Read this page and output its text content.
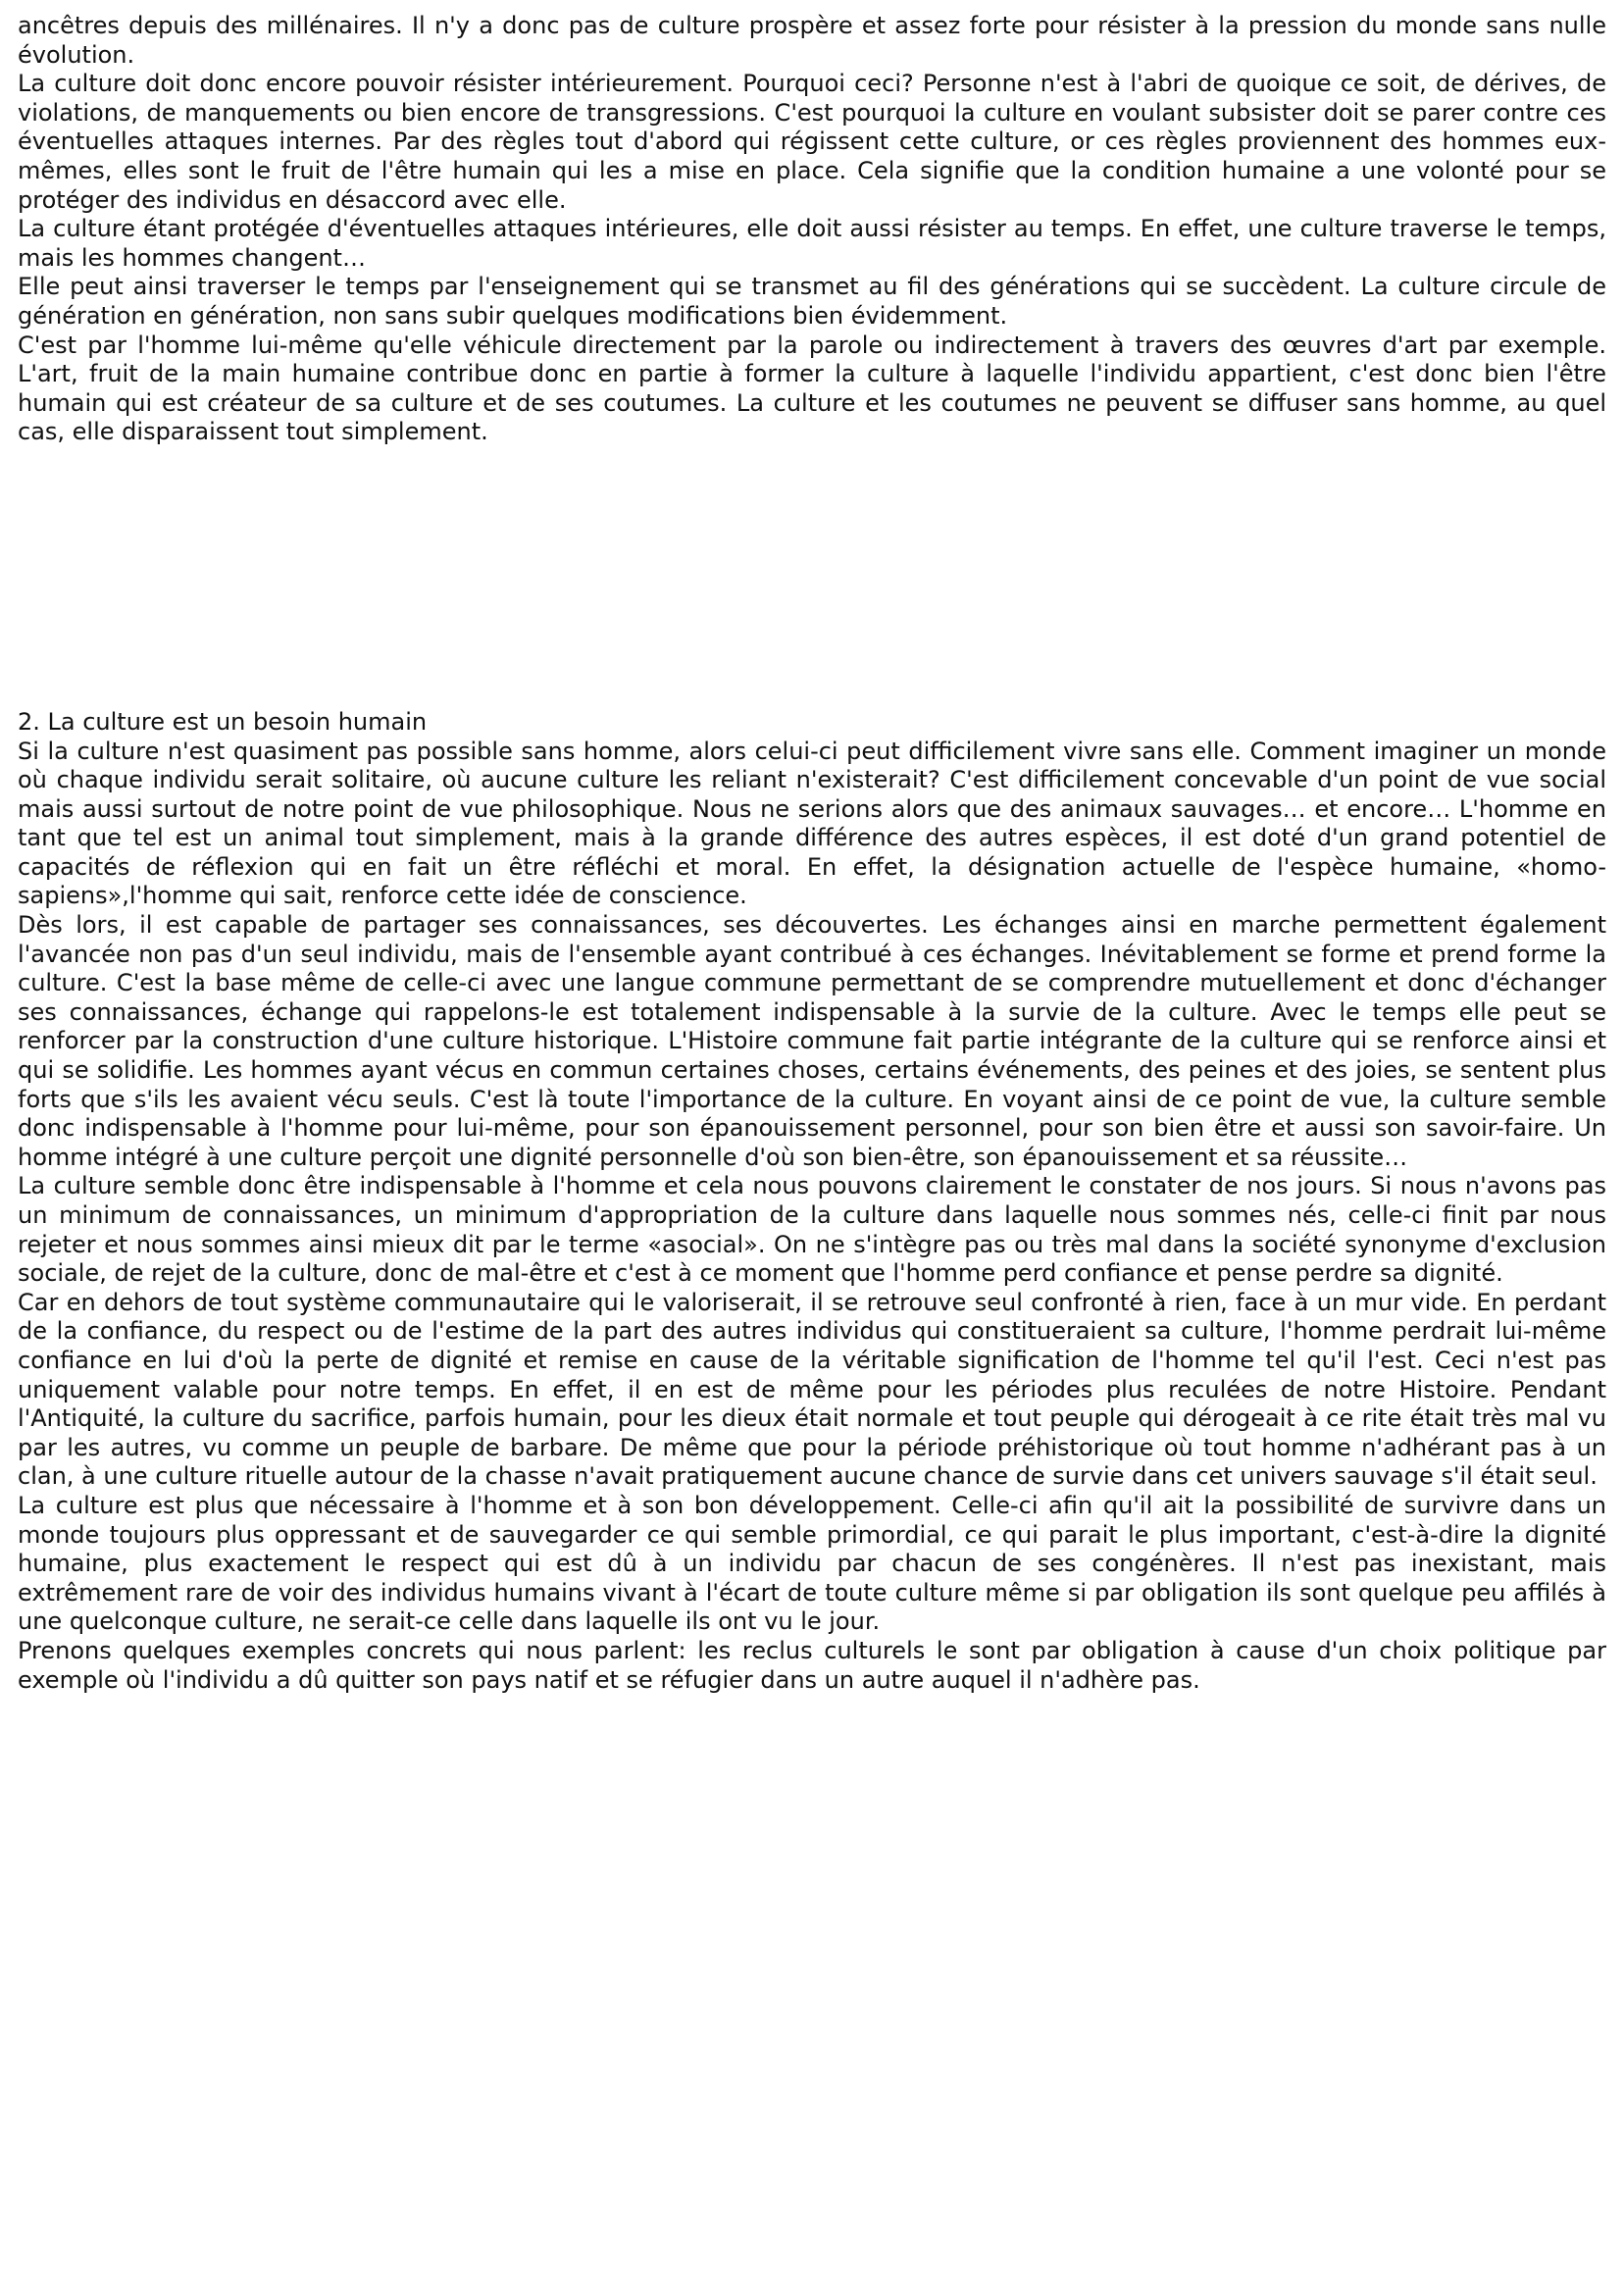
ancêtres depuis des millénaires. Il n'y a donc pas de culture prospère et assez forte pour résister à la pression du monde sans nulle évolution.

La culture doit donc encore pouvoir résister intérieurement. Pourquoi ceci? Personne n'est à l'abri de quoique ce soit, de dérives, de violations, de manquements ou bien encore de transgressions. C'est pourquoi la culture en voulant subsister doit se parer contre ces éventuelles attaques internes. Par des règles tout d'abord qui régissent cette culture, or ces règles proviennent des hommes eux-mêmes, elles sont le fruit de l'être humain qui les a mise en place. Cela signifie que la condition humaine a une volonté pour se protéger des individus en désaccord avec elle.

La culture étant protégée d'éventuelles attaques intérieures, elle doit aussi résister au temps. En effet, une culture traverse le temps, mais les hommes changent…

Elle peut ainsi traverser le temps par l'enseignement qui se transmet au fil des générations qui se succèdent. La culture circule de génération en génération, non sans subir quelques modifications bien évidemment.

C'est par l'homme lui-même qu'elle véhicule directement par la parole ou indirectement à travers des œuvres d'art par exemple. L'art, fruit de la main humaine contribue donc en partie à former la culture à laquelle l'individu appartient, c'est donc bien l'être humain qui est créateur de sa culture et de ses coutumes. La culture et les coutumes ne peuvent se diffuser sans homme, au quel cas, elle disparaissent tout simplement.

2. La culture est un besoin humain

Si la culture n'est quasiment pas possible sans homme, alors celui-ci peut difficilement vivre sans elle. Comment imaginer un monde où chaque individu serait solitaire, où aucune culture les reliant n'existerait? C'est difficilement concevable d'un point de vue social mais aussi surtout de notre point de vue philosophique. Nous ne serions alors que des animaux sauvages… et encore… L'homme en tant que tel est un animal tout simplement, mais à la grande différence des autres espèces, il est doté d'un grand potentiel de capacités de réflexion qui en fait un être réfléchi et moral. En effet, la désignation actuelle de l'espèce humaine, «homo-sapiens»,l'homme qui sait, renforce cette idée de conscience.

Dès lors, il est capable de partager ses connaissances, ses découvertes. Les échanges ainsi en marche permettent également l'avancée non pas d'un seul individu, mais de l'ensemble ayant contribué à ces échanges. Inévitablement se forme et prend forme la culture. C'est la base même de celle-ci avec une langue commune permettant de se comprendre mutuellement et donc d'échanger ses connaissances, échange qui rappelons-le est totalement indispensable à la survie de la culture. Avec le temps elle peut se renforcer par la construction d'une culture historique. L'Histoire commune fait partie intégrante de la culture qui se renforce ainsi et qui se solidifie. Les hommes ayant vécus en commun certaines choses, certains événements, des peines et des joies, se sentent plus forts que s'ils les avaient vécu seuls. C'est là toute l'importance de la culture. En voyant ainsi de ce point de vue, la culture semble donc indispensable à l'homme pour lui-même, pour son épanouissement personnel, pour son bien être et aussi son savoir-faire. Un homme intégré à une culture perçoit une dignité personnelle d'où son bien-être, son épanouissement et sa réussite…

La culture semble donc être indispensable à l'homme et cela nous pouvons clairement le constater de nos jours. Si nous n'avons pas un minimum de connaissances, un minimum d'appropriation de la culture dans laquelle nous sommes nés, celle-ci finit par nous rejeter et nous sommes ainsi mieux dit par le terme «asocial». On ne s'intègre pas ou très mal dans la société synonyme d'exclusion sociale, de rejet de la culture, donc de mal-être et c'est à ce moment que l'homme perd confiance et pense perdre sa dignité.

Car en dehors de tout système communautaire qui le valoriserait, il se retrouve seul confronté à rien, face à un mur vide. En perdant de la confiance, du respect ou de l'estime de la part des autres individus qui constitueraient sa culture, l'homme perdrait lui-même confiance en lui d'où la perte de dignité et remise en cause de la véritable signification de l'homme tel qu'il l'est. Ceci n'est pas uniquement valable pour notre temps. En effet, il en est de même pour les périodes plus reculées de notre Histoire. Pendant l'Antiquité, la culture du sacrifice, parfois humain, pour les dieux était normale et tout peuple qui dérogeait à ce rite était très mal vu par les autres, vu comme un peuple de barbare. De même que pour la période préhistorique où tout homme n'adhérant pas à un clan, à une culture rituelle autour de la chasse n'avait pratiquement aucune chance de survie dans cet univers sauvage s'il était seul.

La culture est plus que nécessaire à l'homme et à son bon développement. Celle-ci afin qu'il ait la possibilité de survivre dans un monde toujours plus oppressant et de sauvegarder ce qui semble primordial, ce qui parait le plus important, c'est-à-dire la dignité humaine, plus exactement le respect qui est dû à un individu par chacun de ses congénères. Il n'est pas inexistant, mais extrêmement rare de voir des individus humains vivant à l'écart de toute culture même si par obligation ils sont quelque peu affilés à une quelconque culture, ne serait-ce celle dans laquelle ils ont vu le jour.

Prenons quelques exemples concrets qui nous parlent: les reclus culturels le sont par obligation à cause d'un choix politique par exemple où l'individu a dû quitter son pays natif et se réfugier dans un autre auquel il n'adhère pas.
